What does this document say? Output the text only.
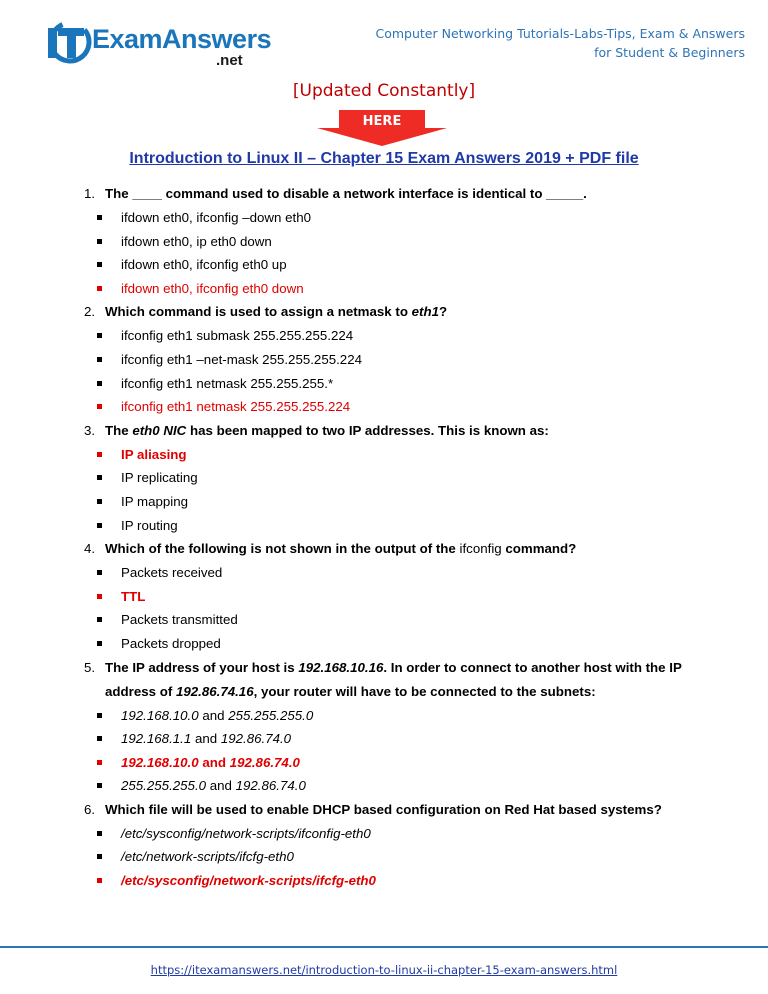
ExamAnswers
.net
Computer Networking Tutorials-Labs-Tips, Exam & Answers
for Student & Beginners
[Updated Constantly]
HERE
Introduction to Linux II – Chapter 15 Exam Answers 2019 + PDF file
1. The ____ command used to disable a network interface is identical to _____.
ifdown eth0, ifconfig –down eth0
ifdown eth0, ip eth0 down
ifdown eth0, ifconfig eth0 up
ifdown eth0, ifconfig eth0 down
2. Which command is used to assign a netmask to eth1?
ifconfig eth1 submask 255.255.255.224
ifconfig eth1 –net-mask 255.255.255.224
ifconfig eth1 netmask 255.255.255.*
ifconfig eth1 netmask 255.255.255.224
3. The eth0 NIC has been mapped to two IP addresses. This is known as:
IP aliasing
IP replicating
IP mapping
IP routing
4. Which of the following is not shown in the output of the ifconfig command?
Packets received
TTL
Packets transmitted
Packets dropped
5. The IP address of your host is 192.168.10.16. In order to connect to another host with the IP address of 192.86.74.16, your router will have to be connected to the subnets:
192.168.10.0 and 255.255.255.0
192.168.1.1 and 192.86.74.0
192.168.10.0 and 192.86.74.0
255.255.255.0 and 192.86.74.0
6. Which file will be used to enable DHCP based configuration on Red Hat based systems?
/etc/sysconfig/network-scripts/ifconfig-eth0
/etc/network-scripts/ifcfg-eth0
/etc/sysconfig/network-scripts/ifcfg-eth0
https://itexamanswers.net/introduction-to-linux-ii-chapter-15-exam-answers.html
